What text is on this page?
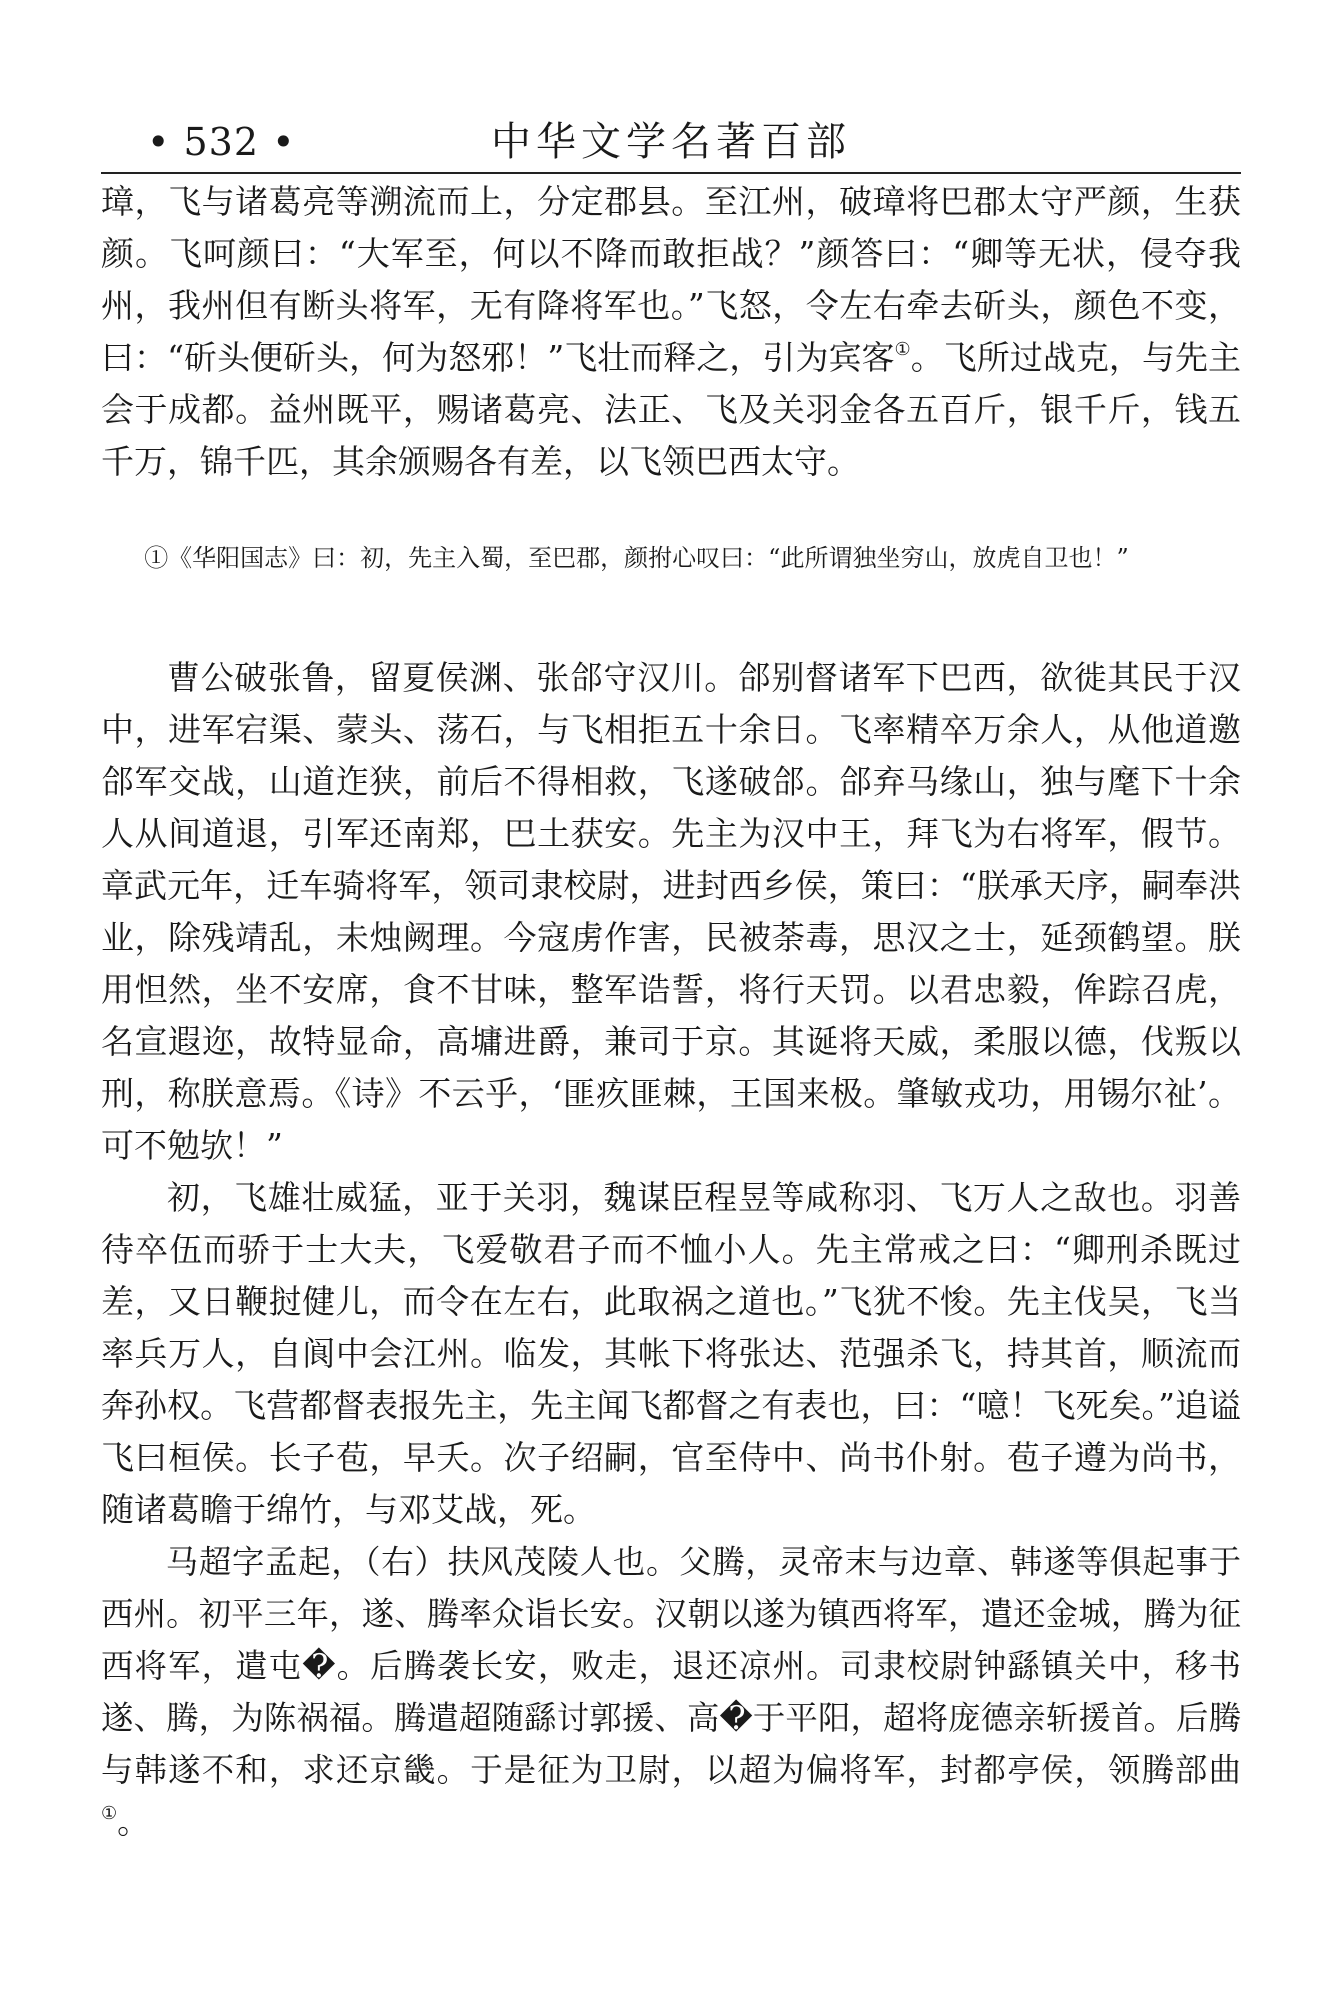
• 532 •	中华文学名著百部

璋，飞与诸葛亮等溯流而上，分定郡县。至江州，破璋将巴郡太守严颜，生获颜。飞呵颜曰：“大军至，何以不降而敢拒战？”颜答曰：“卿等无状，侵夺我州，我州但有断头将军，无有降将军也。”飞怒，令左右牵去斫头，颜色不变，曰：“斫头便斫头，何为怒邪！”飞壮而释之，引为宾客①。飞所过战克，与先主会于成都。益州既平，赐诸葛亮、法正、飞及关羽金各五百斤，银千斤，钱五千万，锦千匹，其余颁赐各有差，以飞领巴西太守。

①《华阳国志》曰：初，先主入蜀，至巴郡，颜拊心叹曰：“此所谓独坐穷山，放虎自卫也！”

曹公破张鲁，留夏侯渊、张郃守汉川。郃别督诸军下巴西，欲徙其民于汉中，进军宕渠、蒙头、荡石，与飞相拒五十余日。飞率精卒万余人，从他道邀郃军交战，山道迮狭，前后不得相救，飞遂破郃。郃弃马缘山，独与麾下十余人从间道退，引军还南郑，巴土获安。先主为汉中王，拜飞为右将军，假节。章武元年，迁车骑将军，领司隶校尉，进封西乡侯，策曰：“朕承天序，嗣奉洪业，除残靖乱，未烛阙理。今寇虏作害，民被荼毒，思汉之士，延颈鹤望。朕用怛然，坐不安席，食不甘味，整军诰誓，将行天罚。以君忠毅，侔踪召虎，名宣遐迩，故特显命，高墉进爵，兼司于京。其诞将天威，柔服以德，伐叛以刑，称朕意焉。《诗》不云乎，‘匪疚匪棘，王国来极。肇敏戎功，用锡尔祉’。可不勉欤！”

初，飞雄壮威猛，亚于关羽，魏谋臣程昱等咸称羽、飞万人之敌也。羽善待卒伍而骄于士大夫，飞爱敬君子而不恤小人。先主常戒之曰：“卿刑杀既过差，又日鞭挝健儿，而令在左右，此取祸之道也。”飞犹不悛。先主伐吴，飞当率兵万人，自阆中会江州。临发，其帐下将张达、范强杀飞，持其首，顺流而奔孙权。飞营都督表报先主，先主闻飞都督之有表也，曰：“噫！飞死矣。”追谥飞曰桓侯。长子苞，早夭。次子绍嗣，官至侍中、尚书仆射。苞子遵为尚书，随诸葛瞻于绵竹，与邓艾战，死。

马超字孟起，（右）扶风茂陵人也。父腾，灵帝末与边章、韩遂等俱起事于西州。初平三年，遂、腾率众诣长安。汉朝以遂为镇西将军，遣还金城，腾为征西将军，遣屯�。后腾袭长安，败走，退还凉州。司隶校尉钟繇镇关中，移书遂、腾，为陈祸福。腾遣超随繇讨郭援、高�于平阳，超将庞德亲斩援首。后腾与韩遂不和，求还京畿。于是征为卫尉，以超为偏将军，封都亭侯，领腾部曲①。
